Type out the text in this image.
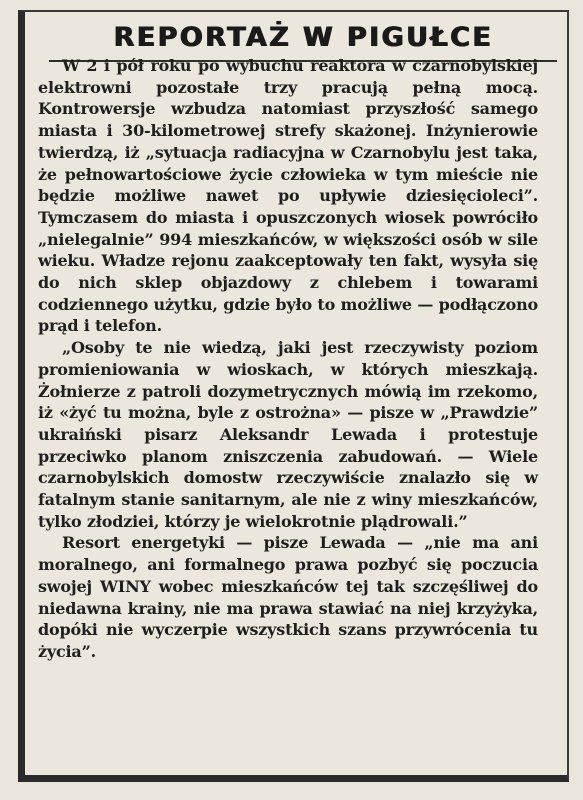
REPORTAŻ W PIGUŁCE

W 2 i pół roku po wybuchu reaktora w czarnobylskiej elektrowni pozostałe trzy pracują pełną mocą. Kontrowersje wzbudza natomiast przyszłość samego miasta i 30-kilometrowej strefy skażonej. Inżynierowie twierdzą, iż „sytuacja radiacyjna w Czarnobylu jest taka, że pełnowartościowe życie człowieka w tym mieście nie będzie możliwe nawet po upływie dziesięcioleci”. Tymczasem do miasta i opuszczonych wiosek powróciło „nielegalnie” 994 mieszkańców, w większości osób w sile wieku. Władze rejonu zaakceptowały ten fakt, wysyła się do nich sklep objazdowy z chlebem i towarami codziennego użytku, gdzie było to możliwe — podłączono prąd i telefon.

„Osoby te nie wiedzą, jaki jest rzeczywisty poziom promieniowania w wioskach, w których mieszkają. Żołnierze z patroli dozymetrycznych mówią im rzekomo, iż «żyć tu można, byle z ostrożna» — pisze w „Prawdzie” ukraiński pisarz Aleksandr Lewada i protestuje przeciwko planom zniszczenia zabudowań. — Wiele czarnobylskich domostw rzeczywiście znalazło się w fatalnym stanie sanitarnym, ale nie z winy mieszkańców, tylko złodziei, którzy je wielokrotnie plądrowali.”

Resort energetyki — pisze Lewada — „nie ma ani moralnego, ani formalnego prawa pozbyć się poczucia swojej WINY wobec mieszkańców tej tak szczęśliwej do niedawna krainy, nie ma prawa stawiać na niej krzyżyka, dopóki nie wyczerpie wszystkich szans przywrócenia tu życia”.
